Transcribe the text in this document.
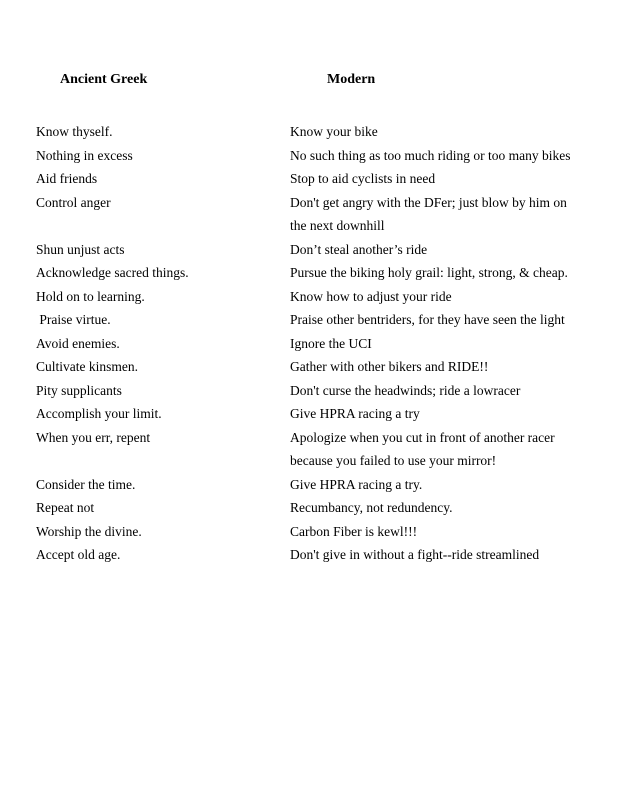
Ancient Greek	Modern
Know thyself.	Know your bike
Nothing in excess	No such thing as too much riding or too many bikes
Aid friends	Stop to aid cyclists in need
Control anger	Don't get angry with the DFer; just blow by him on the next downhill
Shun unjust acts	Don’t steal another’s ride
Acknowledge sacred things.	Pursue the biking holy grail: light, strong, & cheap.
Hold on to learning.	Know how to adjust your ride
Praise virtue.	Praise other bentriders, for they have seen the light
Avoid enemies.	Ignore the UCI
Cultivate kinsmen.	Gather with other bikers and RIDE!!
Pity supplicants	Don't curse the headwinds; ride a lowracer
Accomplish your limit.	Give HPRA racing a try
When you err, repent	Apologize when you cut in front of another racer because you failed to use your mirror!
Consider the time.	Give HPRA racing a try.
Repeat not	Recumbancy, not redundency.
Worship the divine.	Carbon Fiber is kewl!!!
Accept old age.	Don't give in without a fight--ride streamlined
